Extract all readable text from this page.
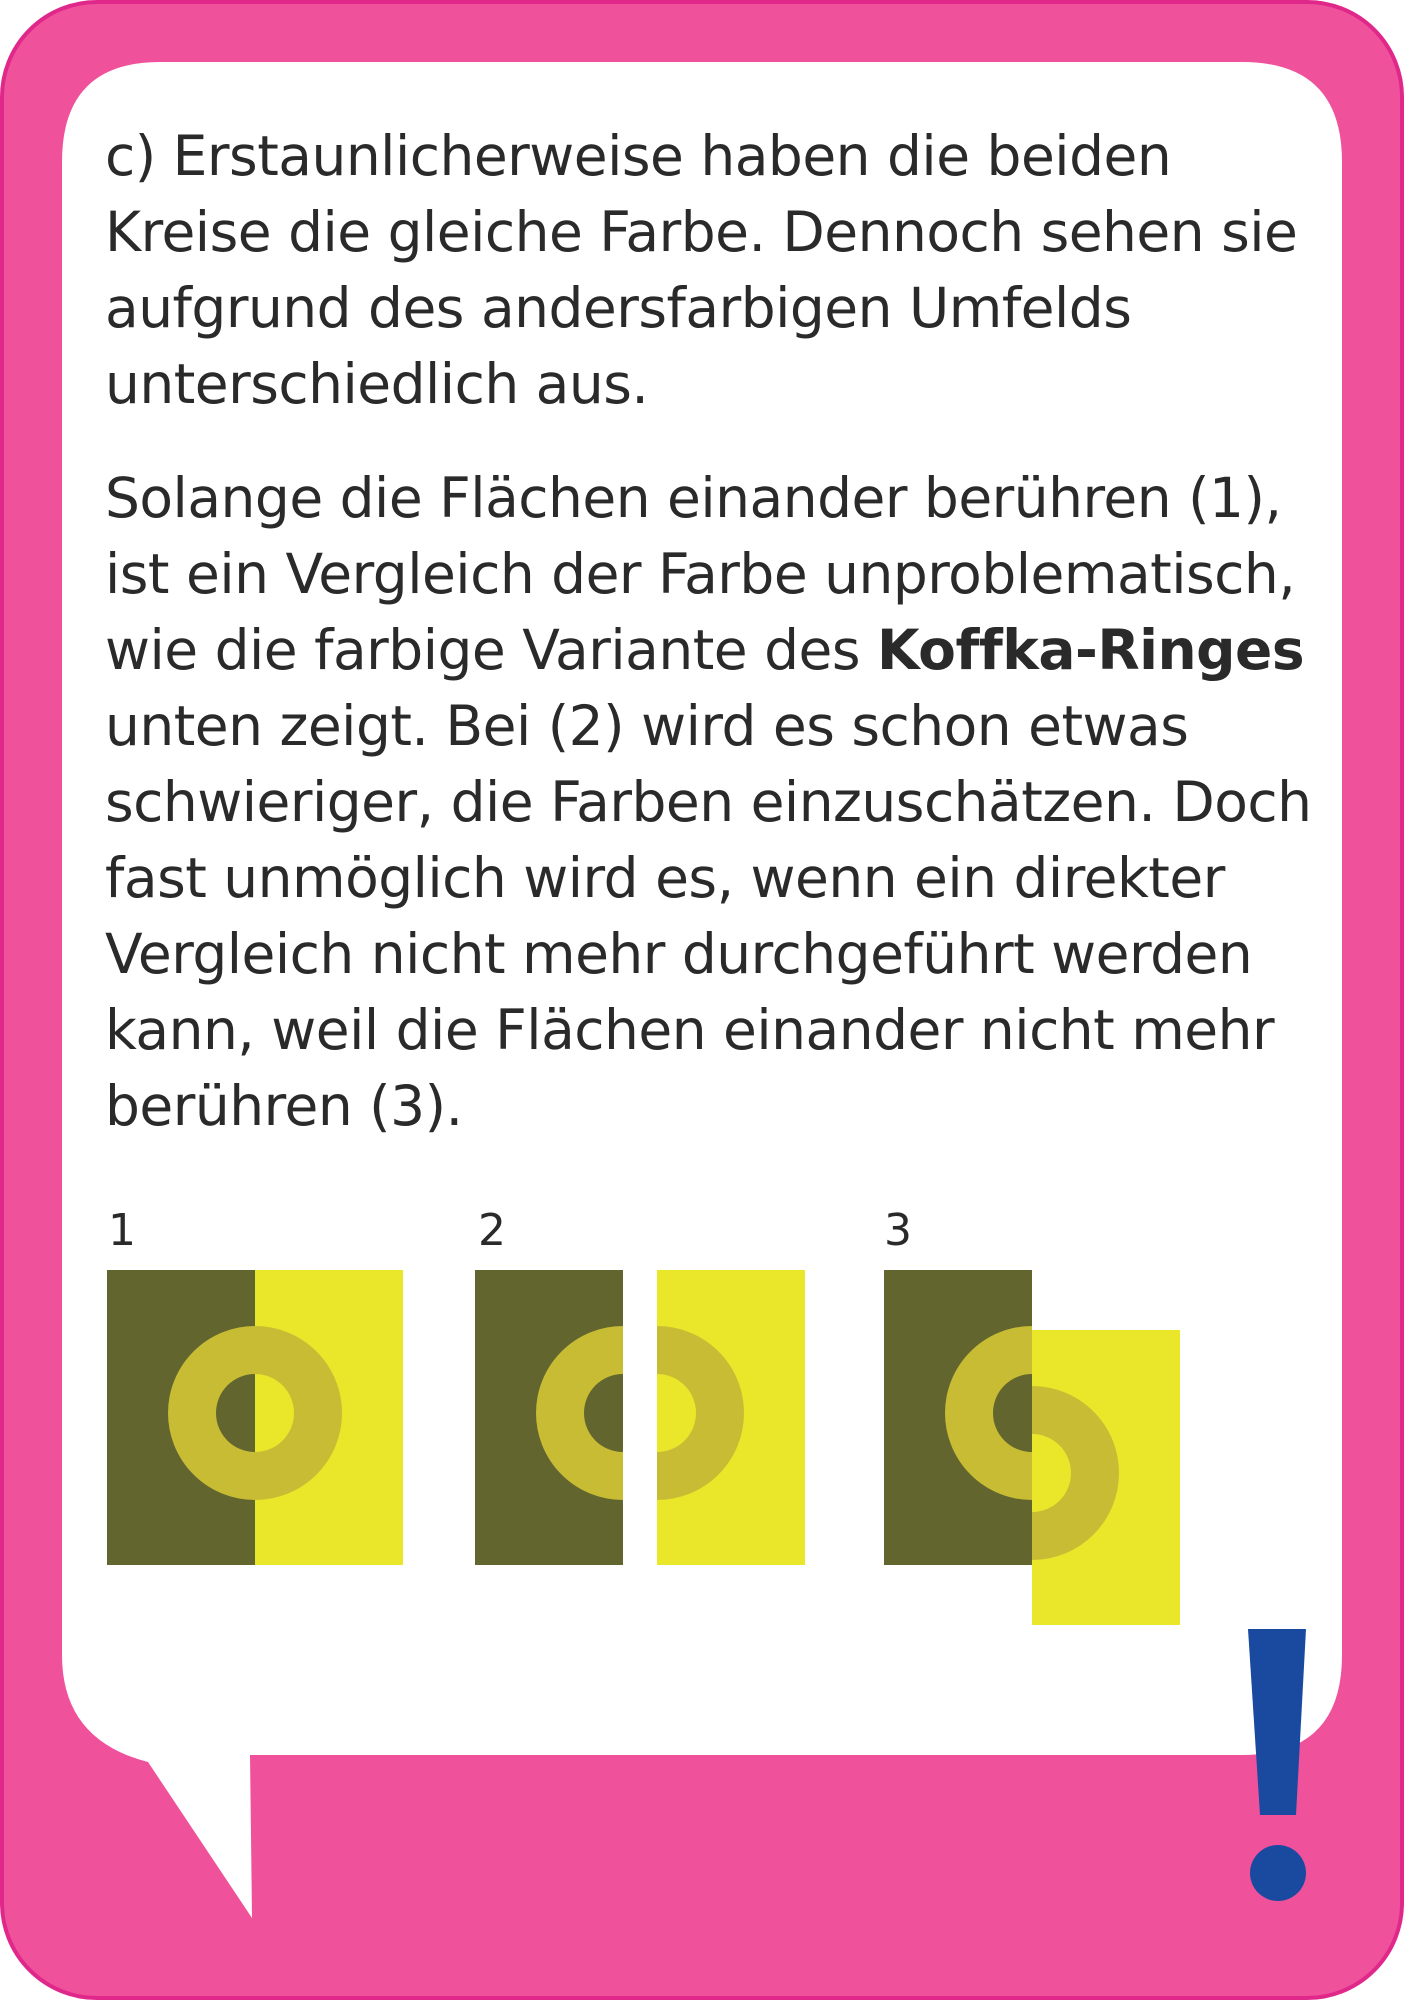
c) Erstaunlicherweise haben die beiden
Kreise die gleiche Farbe. Dennoch sehen sie
aufgrund des andersfarbigen Umfelds
unterschiedlich aus.

Solange die Flächen einander berühren (1),
ist ein Vergleich der Farbe unproblematisch,
wie die farbige Variante des Koffka-Ringes
unten zeigt. Bei (2) wird es schon etwas
schwieriger, die Farben einzuschätzen. Doch
fast unmöglich wird es, wenn ein direkter
Vergleich nicht mehr durchgeführt werden
kann, weil die Flächen einander nicht mehr
berühren (3).

1	2	3
